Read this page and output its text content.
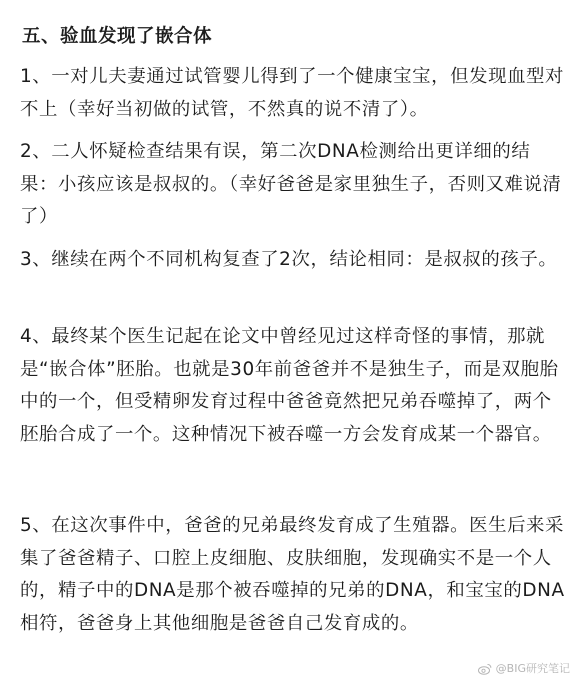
五、验血发现了嵌合体
1、一对儿夫妻通过试管婴儿得到了一个健康宝宝，但发现血型对不上（幸好当初做的试管，不然真的说不清了）。
2、二人怀疑检查结果有误，第二次DNA检测给出更详细的结果：小孩应该是叔叔的。（幸好爸爸是家里独生子，否则又难说清了）
3、继续在两个不同机构复查了2次，结论相同：是叔叔的孩子。
4、最终某个医生记起在论文中曾经见过这样奇怪的事情，那就是“嵌合体”胚胎。也就是30年前爸爸并不是独生子，而是双胞胎中的一个，但受精卵发育过程中爸爸竟然把兄弟吞噬掉了，两个胚胎合成了一个。这种情况下被吞噬一方会发育成某一个器官。
5、在这次事件中，爸爸的兄弟最终发育成了生殖器。医生后来采集了爸爸精子、口腔上皮细胞、皮肤细胞，发现确实不是一个人的，精子中的DNA是那个被吞噬掉的兄弟的DNA，和宝宝的DNA相符，爸爸身上其他细胞是爸爸自己发育成的。
@BIG研究笔记
